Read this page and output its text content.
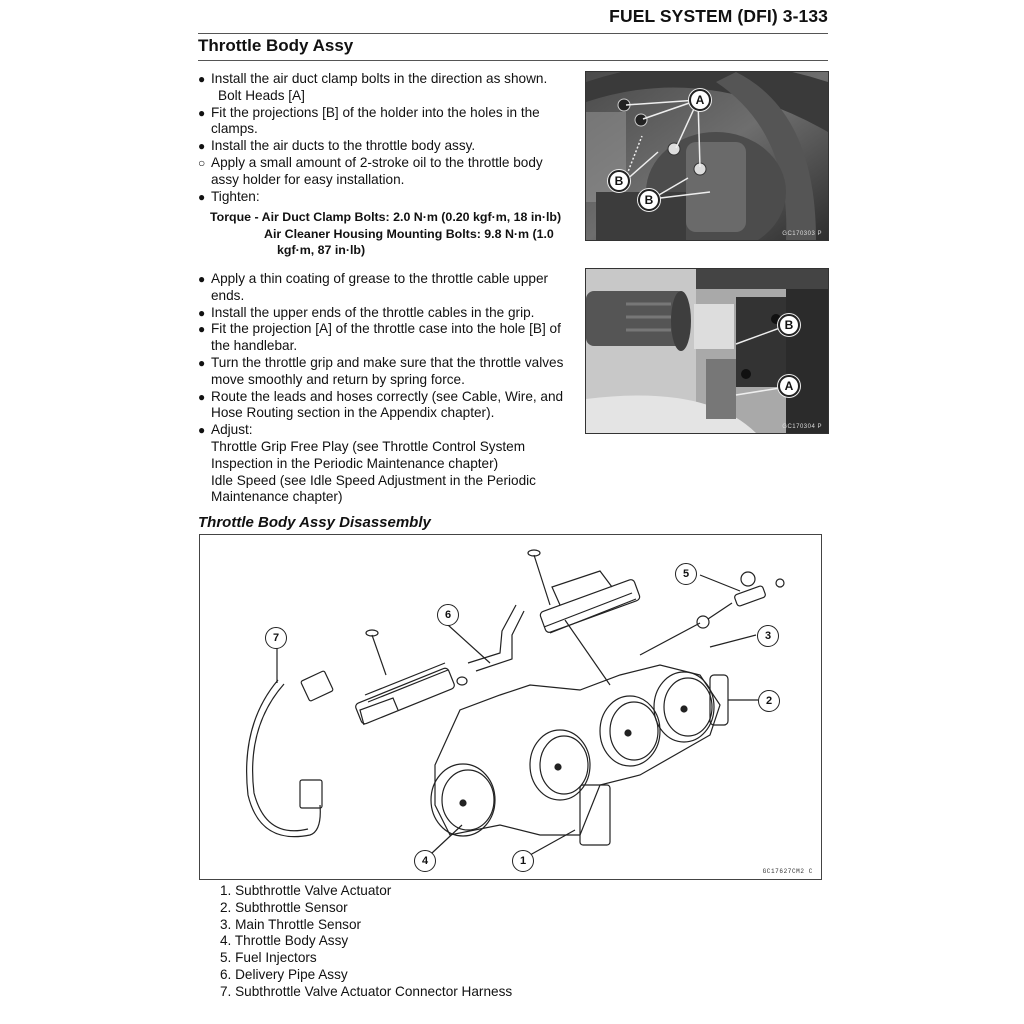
FUEL SYSTEM (DFI) 3-133
Throttle Body Assy
● Install the air duct clamp bolts in the direction as shown.
Bolt Heads [A]
● Fit the projections [B] of the holder into the holes in the clamps.
● Install the air ducts to the throttle body assy.
○ Apply a small amount of 2-stroke oil to the throttle body assy holder for easy installation.
● Tighten:
Torque - Air Duct Clamp Bolts: 2.0 N·m (0.20 kgf·m, 18 in·lb)
Air Cleaner Housing Mounting Bolts: 9.8 N·m (1.0
kgf·m, 87 in·lb)
A
B
B
GC170303 P
● Apply a thin coating of grease to the throttle cable upper ends.
● Install the upper ends of the throttle cables in the grip.
● Fit the projection [A] of the throttle case into the hole [B] of the handlebar.
● Turn the throttle grip and make sure that the throttle valves move smoothly and return by spring force.
● Route the leads and hoses correctly (see Cable, Wire, and Hose Routing section in the Appendix chapter).
● Adjust:
Throttle Grip Free Play (see Throttle Control System Inspection in the Periodic Maintenance chapter)
Idle Speed (see Idle Speed Adjustment in the Periodic Maintenance chapter)
B
A
GC170304 P
Throttle Body Assy Disassembly
7
6
5
3
2
4	1
GC17627CM2 C
1. Subthrottle Valve Actuator
2. Subthrottle Sensor
3. Main Throttle Sensor
4. Throttle Body Assy
5. Fuel Injectors
6. Delivery Pipe Assy
7. Subthrottle Valve Actuator Connector Harness
